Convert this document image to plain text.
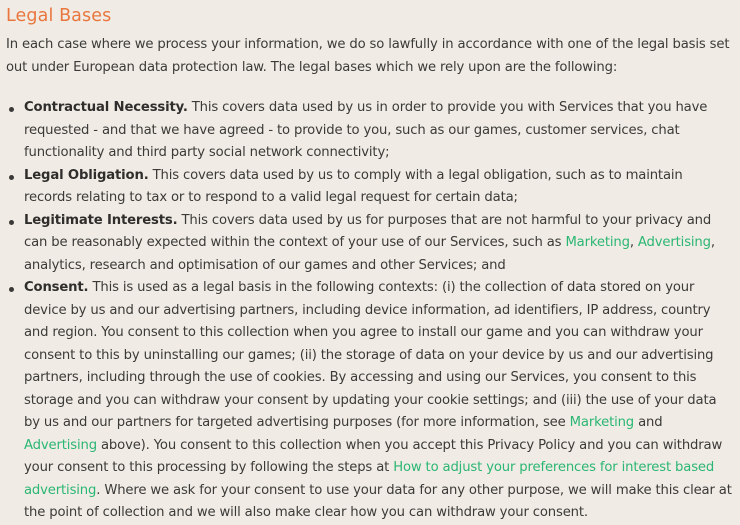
Legal Bases

In each case where we process your information, we do so lawfully in accordance with one of the legal basis set out under European data protection law. The legal bases which we rely upon are the following:

Contractual Necessity. This covers data used by us in order to provide you with Services that you have requested - and that we have agreed - to provide to you, such as our games, customer services, chat functionality and third party social network connectivity;
Legal Obligation. This covers data used by us to comply with a legal obligation, such as to maintain records relating to tax or to respond to a valid legal request for certain data;
Legitimate Interests. This covers data used by us for purposes that are not harmful to your privacy and can be reasonably expected within the context of your use of our Services, such as Marketing, Advertising, analytics, research and optimisation of our games and other Services; and
Consent. This is used as a legal basis in the following contexts: (i) the collection of data stored on your device by us and our advertising partners, including device information, ad identifiers, IP address, country and region. You consent to this collection when you agree to install our game and you can withdraw your consent to this by uninstalling our games; (ii) the storage of data on your device by us and our advertising partners, including through the use of cookies. By accessing and using our Services, you consent to this storage and you can withdraw your consent by updating your cookie settings; and (iii) the use of your data by us and our partners for targeted advertising purposes (for more information, see Marketing and Advertising above). You consent to this collection when you accept this Privacy Policy and you can withdraw your consent to this processing by following the steps at How to adjust your preferences for interest based advertising. Where we ask for your consent to use your data for any other purpose, we will make this clear at the point of collection and we will also make clear how you can withdraw your consent.
